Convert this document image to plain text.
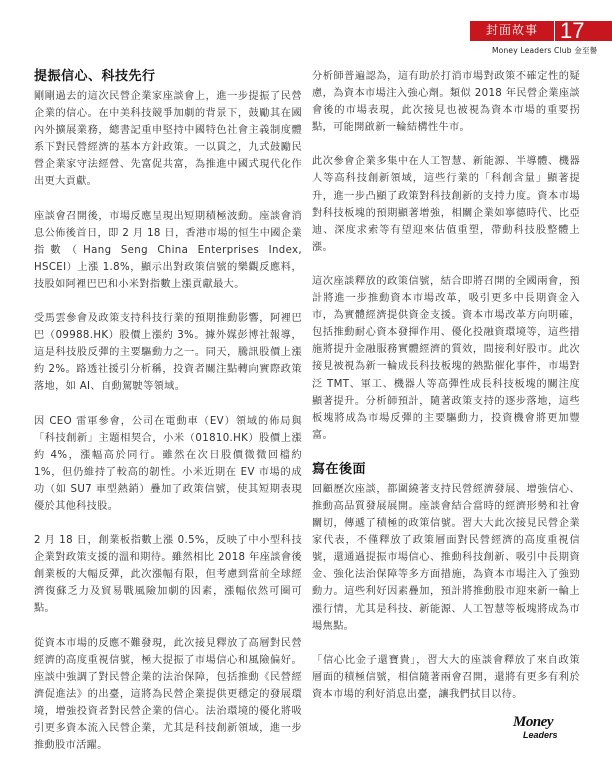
封面故事	17
Money Leaders Club 金至譽
提振信心、科技先行

剛剛過去的這次民營企業家座談會上，進一步提振了民營企業的信心。在中美科技競爭加劇的背景下，鼓勵其在國內外擴展業務，總書記重申堅持中國特色社會主義制度體系下對民營經濟的基本方針政策。一以貫之，九式鼓勵民營企業家守法經營、先富促共富，為推進中國式現代化作出更大貢獻。

座談會召開後，市場反應呈現出短期積極波動。座談會消息公佈後首日，即 2 月 18 日，香港市場的恒生中國企業指數（Hang Seng China Enterprises Index, HSCEI）上漲 1.8%，顯示出對政策信號的樂觀反應料，技股如阿裡巴巴和小米對指數上漲貢獻最大。

受馬雲參會及政策支持科技行業的預期推動影響，阿裡巴巴（09988.HK）股價上漲約 3%。據外媒彭博社報導，這是科技股反彈的主要驅動力之一。同天，騰訊股價上漲約 2%。路透社援引分析稱，投資者關注點轉向實際政策落地，如 AI、自動駕駛等領域。

因 CEO 雷軍參會，公司在電動車（EV）領域的佈局與「科技創新」主題相契合，小米（01810.HK）股價上漲約 4%，漲幅高於同行。雖然在次日股價微微回檔約 1%，但仍維持了較高的韌性。小米近期在 EV 市場的成功（如 SU7 車型熱銷）疊加了政策信號，使其短期表現優於其他科技股。

2 月 18 日，創業板指數上漲 0.5%，反映了中小型科技企業對政策支援的溫和期待。雖然相比 2018 年座談會後創業板的大幅反彈，此次漲幅有限，但考慮到當前全球經濟復蘇乏力及貿易戰風險加劇的因素，漲幅依然可圈可點。

從資本市場的反應不難發現，此次接見釋放了高層對民營經濟的高度重視信號，極大提振了市場信心和風險偏好。座談中強調了對民營企業的法治保障，包括推動《民營經濟促進法》的出臺，這將為民營企業提供更穩定的發展環境，增強投資者對民營企業的信心。法治環境的優化將吸引更多資本流入民營企業，尤其是科技創新領域，進一步推動股市活躍。

分析師普遍認為，這有助於打消市場對政策不確定性的疑慮，為資本市場注入強心劑。類似 2018 年民營企業座談會後的市場表現，此次接見也被視為資本市場的重要拐點，可能開啟新一輪結構性牛市。

此次參會企業多集中在人工智慧、新能源、半導體、機器人等高科技創新領域，這些行業的「科創含量」顯著提升，進一步凸顯了政策對科技創新的支持力度。資本市場對科技板塊的預期顯著增強，相關企業如寧德時代、比亞迪、深度求索等有望迎來估值重塑，帶動科技股整體上漲。

這次座談釋放的政策信號，結合即將召開的全國兩會，預計將進一步推動資本市場改革，吸引更多中長期資金入市，為實體經濟提供資金支援。資本市場改革方向明確，包括推動耐心資本發揮作用、優化投融資環境等，這些措施將提升金融服務實體經濟的質效，間接利好股市。此次接見被視為新一輪成長科技板塊的熱點催化事件，市場對泛 TMT、軍工、機器人等高彈性成長科技板塊的關注度顯著提升。分析師預計，隨著政策支持的逐步落地，這些板塊將成為市場反彈的主要驅動力，投資機會將更加豐富。

寫在後面

回顧歷次座談，都圍繞著支持民營經濟發展、增強信心、推動高品質發展展開。座談會結合當時的經濟形勢和社會關切，傳遞了積極的政策信號。習大大此次接見民營企業家代表，不僅釋放了政策層面對民營經濟的高度重視信號，還通過提振市場信心、推動科技創新、吸引中長期資金、強化法治保障等多方面措施，為資本市場注入了強勁動力。這些利好因素疊加，預計將推動股市迎來新一輪上漲行情，尤其是科技、新能源、人工智慧等板塊將成為市場焦點。

「信心比金子還寶貴」，習大大的座談會釋放了來自政策層面的積極信號，相信隨著兩會召開，還將有更多有利於資本市場的利好消息出臺，讓我們拭目以待。

Money
Leaders
